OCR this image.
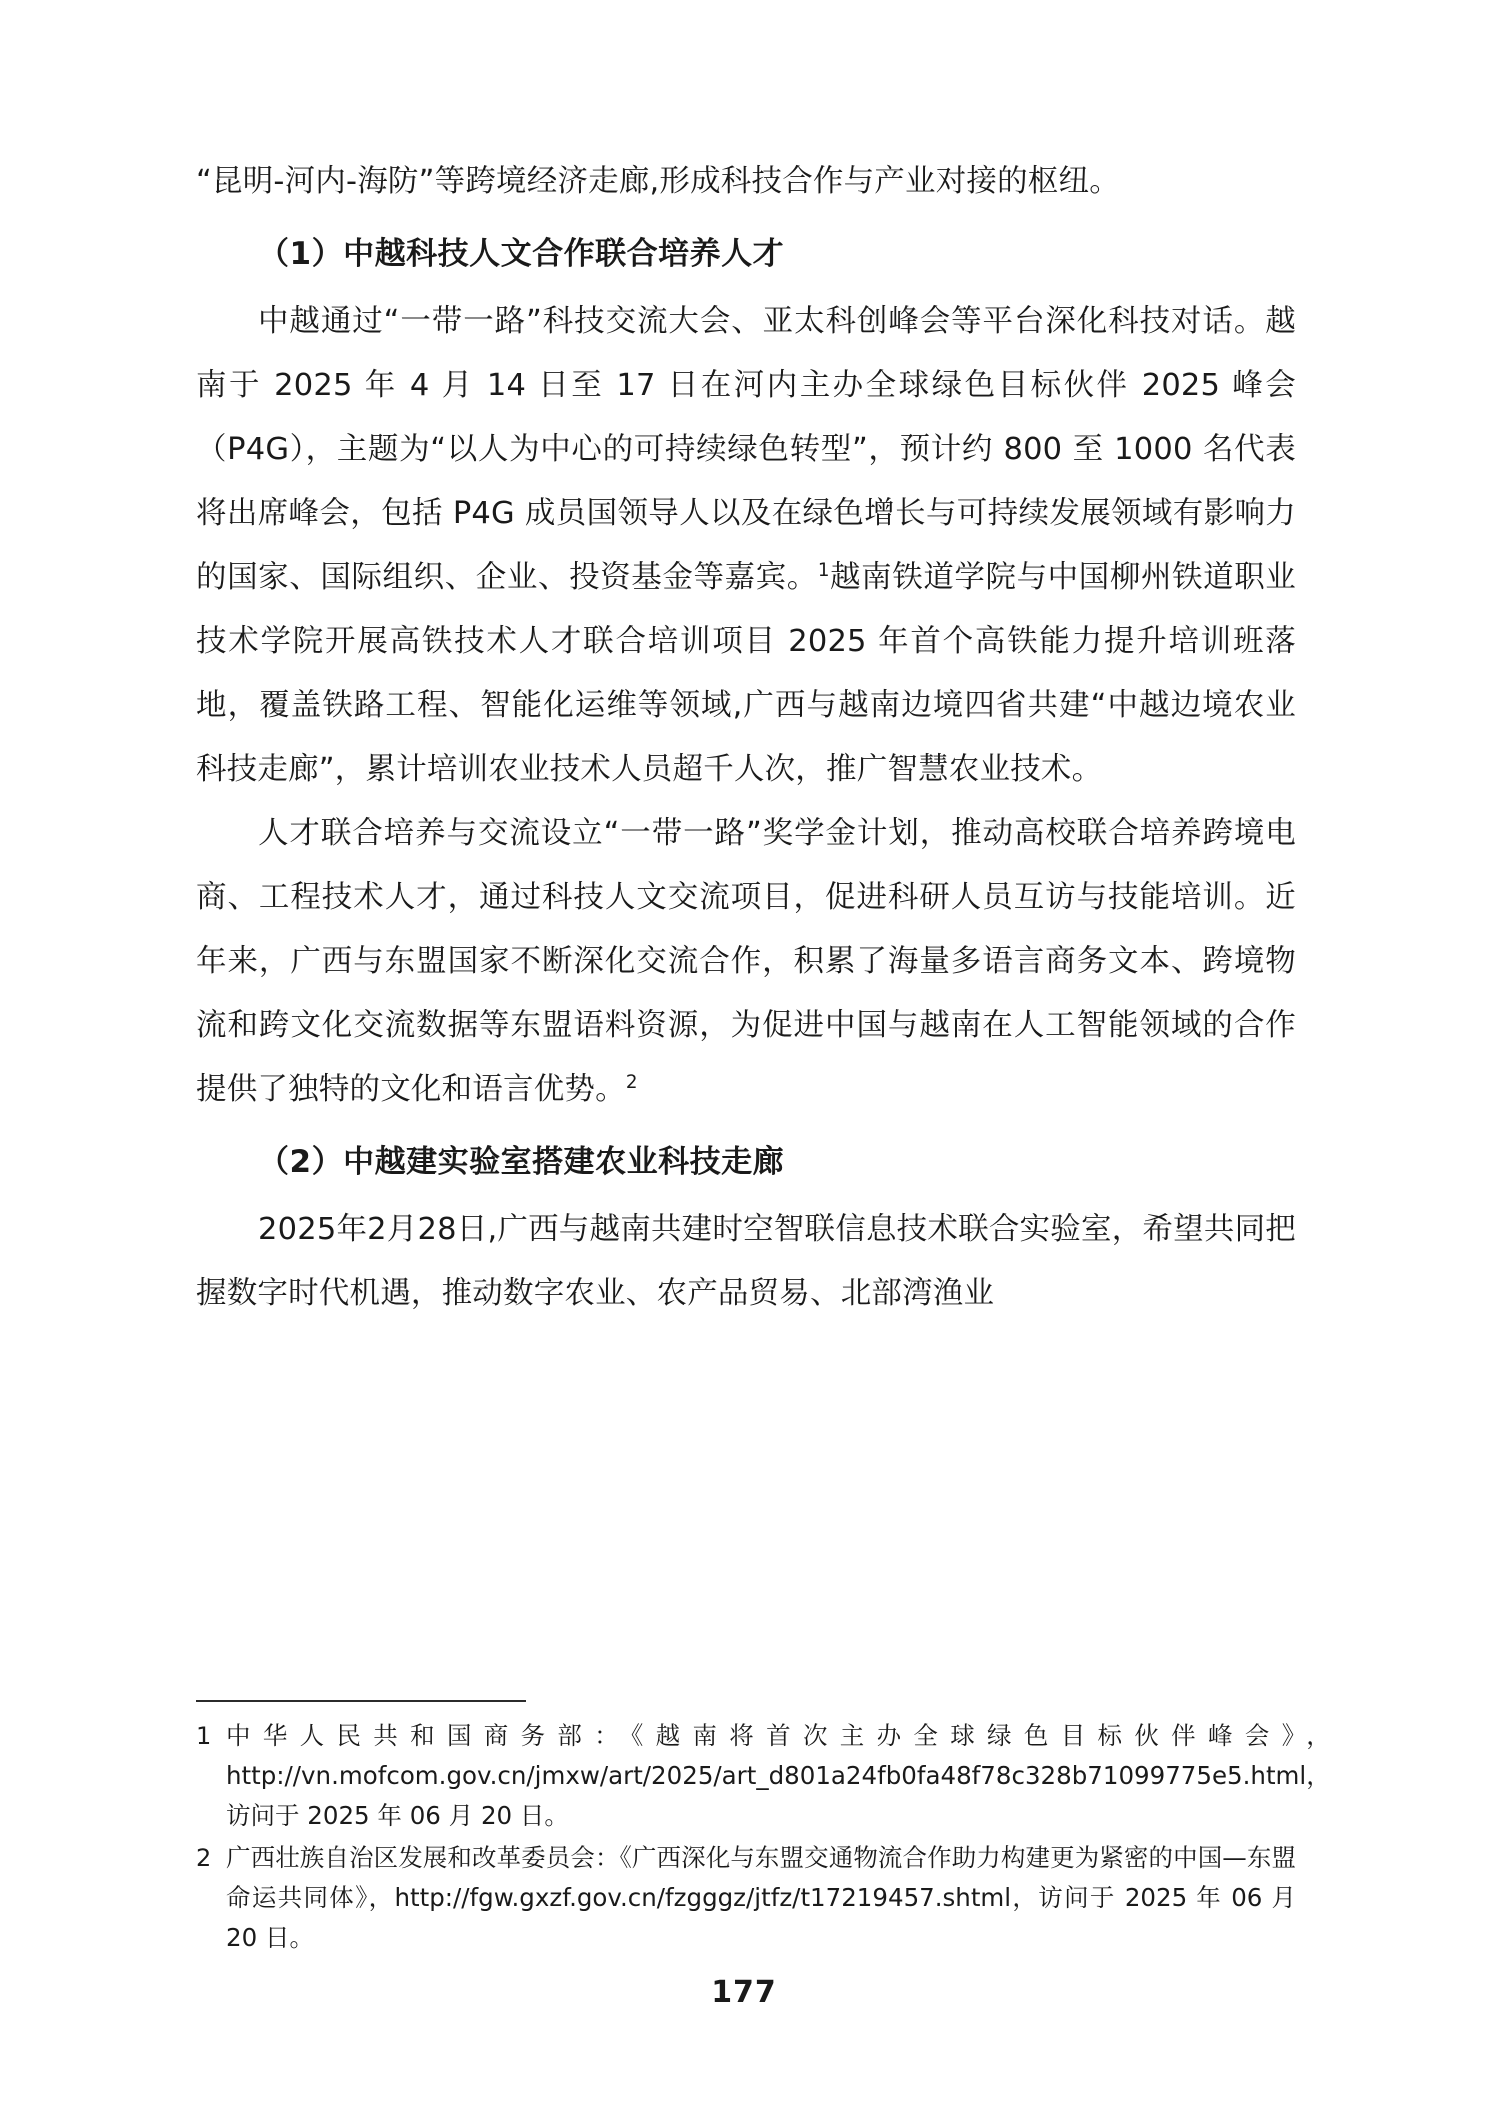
“昆明-河内-海防”等跨境经济走廊,形成科技合作与产业对接的枢纽。

（1）中越科技人文合作联合培养人才

中越通过“一带一路”科技交流大会、亚太科创峰会等平台深化科技对话。越南于 2025 年 4 月 14 日至 17 日在河内主办全球绿色目标伙伴 2025 峰会（P4G），主题为“以人为中心的可持续绿色转型”，预计约 800 至 1000 名代表将出席峰会，包括 P4G 成员国领导人以及在绿色增长与可持续发展领域有影响力的国家、国际组织、企业、投资基金等嘉宾。$^1$越南铁道学院与中国柳州铁道职业技术学院开展高铁技术人才联合培训项目 2025 年首个高铁能力提升培训班落地，覆盖铁路工程、智能化运维等领域,广西与越南边境四省共建“中越边境农业科技走廊”，累计培训农业技术人员超千人次，推广智慧农业技术。

人才联合培养与交流设立“一带一路”奖学金计划，推动高校联合培养跨境电商、工程技术人才，通过科技人文交流项目，促进科研人员互访与技能培训。近年来，广西与东盟国家不断深化交流合作，积累了海量多语言商务文本、跨境物流和跨文化交流数据等东盟语料资源，为促进中国与越南在人工智能领域的合作提供了独特的文化和语言优势。$^2$

（2）中越建实验室搭建农业科技走廊

2025年2月28日,广西与越南共建时空智联信息技术联合实验室，希望共同把握数字时代机遇，推动数字农业、农产品贸易、北部湾渔业

1 中华人民共和国商务部：《越南将首次主办全球绿色目标伙伴峰会》，http://vn.mofcom.gov.cn/jmxw/art/2025/art_d801a24fb0fa48f78c328b71099775e5.html，访问于 2025 年 06 月 20 日。
2 广西壮族自治区发展和改革委员会：《广西深化与东盟交通物流合作助力构建更为紧密的中国—东盟命运共同体》，http://fgw.gxzf.gov.cn/fzgggz/jtfz/t17219457.shtml，访问于 2025 年 06 月 20 日。
177
